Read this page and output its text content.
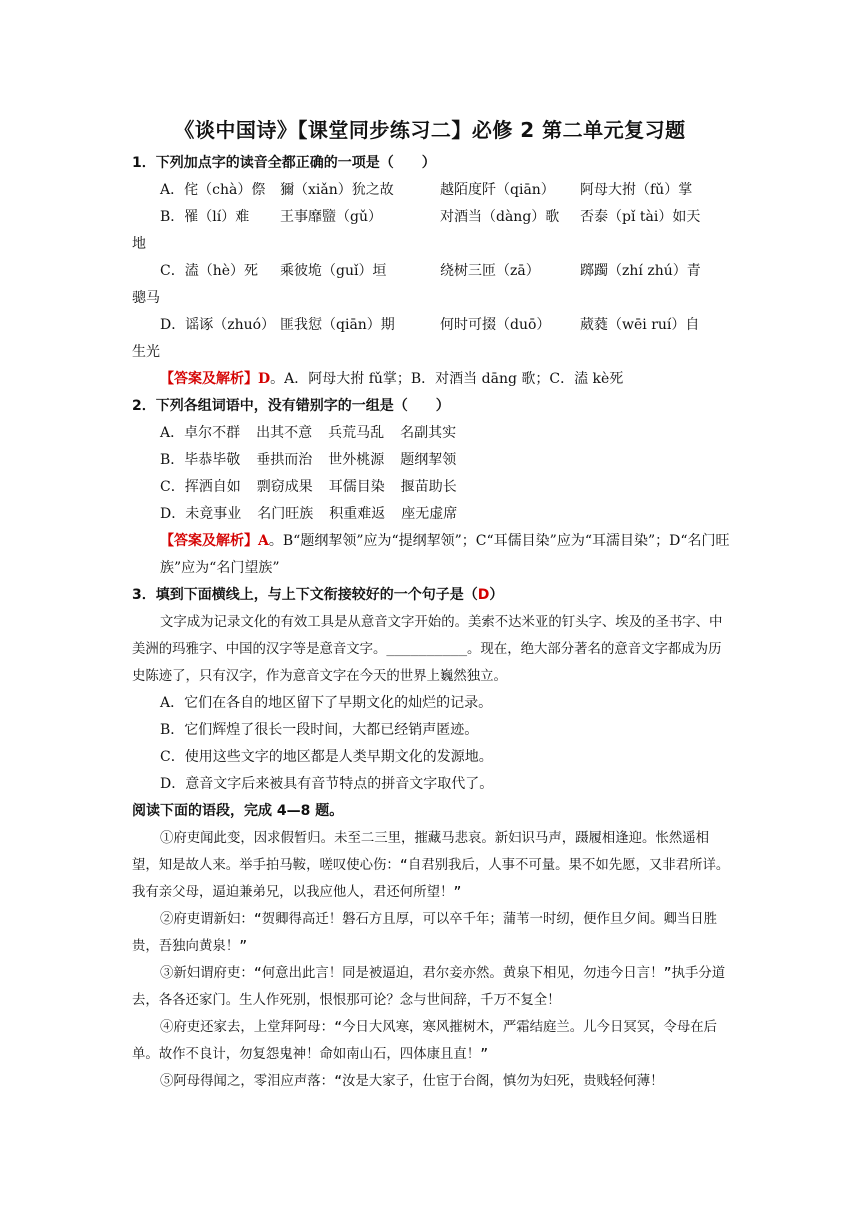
《谈中国诗》【课堂同步练习二】必修 2 第二单元复习题
1．下列加点字的读音全都正确的一项是（　　）
A．侘（chà）傺	獮（xiǎn）狁之故	越陌度阡（qiān）	阿母大拊（fǔ）掌
B．罹（lí）难	王事靡盬（gǔ）	对酒当（dàng）歌	否泰（pǐ tài）如天
地
C．溘（hè）死	乘彼垝（guǐ）垣	绕树三匝（zā）	踯躅（zhí zhú）青
骢马
D．谣诼（zhuó） 匪我愆（qiān）期	何时可掇（duō）	葳蕤（wēi ruí）自
生光
【答案及解析】D。A．阿母大拊 fǔ掌；B．对酒当 dāng 歌；C．溘 kè死
2．下列各组词语中，没有错别字的一组是（　　）
A．卓尔不群 出其不意 兵荒马乱 名副其实
B．毕恭毕敬 垂拱而治 世外桃源 题纲挈领
C．挥洒自如 剽窃成果 耳儒目染 揠苗助长
D．未竟事业 名门旺族 积重难返 座无虚席
【答案及解析】A。B“题纲挈领”应为“提纲挈领”；C“耳儒目染”应为“耳濡目染”；D“名门旺族”应为“名门望族”
3．填到下面横线上，与上下文衔接较好的一个句子是（D）
文字成为记录文化的有效工具是从意音文字开始的。美索不达米亚的钉头字、埃及的圣书字、中美洲的玛雅字、中国的汉字等是意音文字。__________。现在，绝大部分著名的意音文字都成为历史陈迹了，只有汉字，作为意音文字在今天的世界上巍然独立。
A．它们在各自的地区留下了早期文化的灿烂的记录。
B．它们辉煌了很长一段时间，大都已经销声匿迹。
C．使用这些文字的地区都是人类早期文化的发源地。
D．意音文字后来被具有音节特点的拼音文字取代了。
阅读下面的语段，完成 4—8 题。
①府吏闻此变，因求假暂归。未至二三里，摧藏马悲哀。新妇识马声，蹑履相逢迎。怅然遥相望，知是故人来。举手拍马鞍，嗟叹使心伤：“自君别我后，人事不可量。果不如先愿，又非君所详。我有亲父母，逼迫兼弟兄，以我应他人，君还何所望！”
②府吏谓新妇：“贺卿得高迁！磐石方且厚，可以卒千年；蒲苇一时纫，便作旦夕间。卿当日胜贵，吾独向黄泉！”
③新妇谓府吏：“何意出此言！同是被逼迫，君尔妾亦然。黄泉下相见，勿违今日言！”执手分道去，各各还家门。生人作死别，恨恨那可论？念与世间辞，千万不复全！
④府吏还家去，上堂拜阿母：“今日大风寒，寒风摧树木，严霜结庭兰。儿今日冥冥，令母在后单。故作不良计，勿复怨鬼神！命如南山石，四体康且直！”
⑤阿母得闻之，零泪应声落：“汝是大家子，仕宦于台阁，慎勿为妇死，贵贱轻何薄！
